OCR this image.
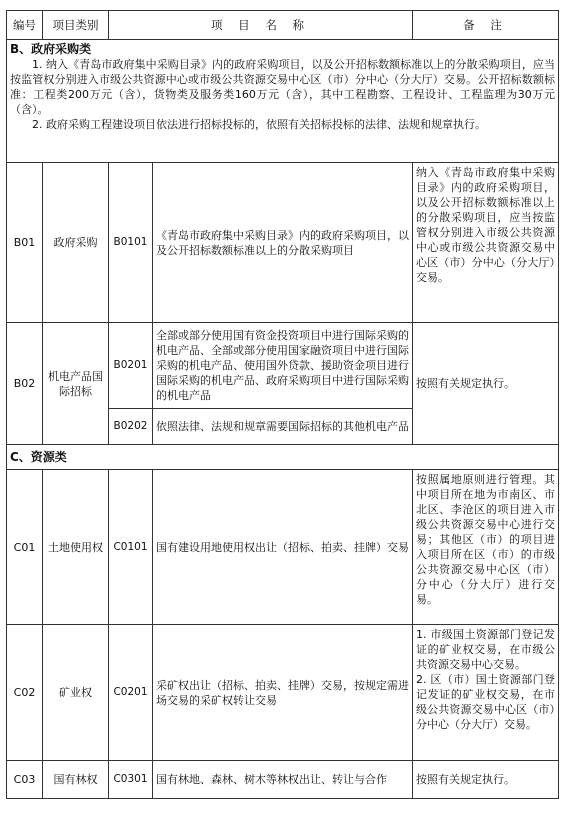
编号	项目类别	项 目 名 称		备 注

B、政府采购类

1. 纳入《青岛市政府集中采购目录》内的政府采购项目，以及公开招标数额标准以上的分散采购项目，应当按监管权分别进入市级公共资源中心或市级公共资源交易中心区（市）分中心（分大厅）交易。公开招标数额标准：工程类200万元（含），货物类及服务类160万元（含），其中工程勘察、工程设计、工程监理为30万元（含）。

2. 政府采购工程建设项目依法进行招标投标的，依照有关招标投标的法律、法规和规章执行。				

B01	政府采购	B0101	《青岛市政府集中采购目录》内的政府采购项目，以及公开招标数额标准以上的分散采购项目	纳入《青岛市政府集中采购目录》内的政府采购项目，以及公开招标数额标准以上的分散采购项目，应当按监管权分别进入市级公共资源中心或市级公共资源交易中心区（市）分中心（分大厅）交易。
B02	机电产品国际招标	B0201	全部或部分使用国有资金投资项目中进行国际采购的机电产品、全部或部分使用国家融资项目中进行国际采购的机电产品、使用国外贷款、援助资金项目进行国际采购的机电产品、政府采购项目中进行国际采购的机电产品	按照有关规定执行。
		B0202	依照法律、法规和规章需要国际招标的其他机电产品	

C、资源类				

C01	土地使用权	C0101	国有建设用地使用权出让（招标、拍卖、挂牌）交易	按照属地原则进行管理。其中项目所在地为市南区、市北区、李沧区的项目进入市级公共资源交易中心进行交易；其他区（市）的项目进入项目所在区（市）的市级公共资源交易中心区（市）分中心（分大厅）进行交易。
C02	矿业权	C0201	采矿权出让（招标、拍卖、挂牌）交易，按规定需进场交易的采矿权转让交易	1. 市级国土资源部门登记发证的矿业权交易，在市级公共资源交易中心交易。
2. 区（市）国土资源部门登记发证的矿业权交易，在市级公共资源交易中心区（市）分中心（分大厅）交易。

C03	国有林权	C0301	国有林地、森林、树木等林权出让、转让与合作	按照有关规定执行。
